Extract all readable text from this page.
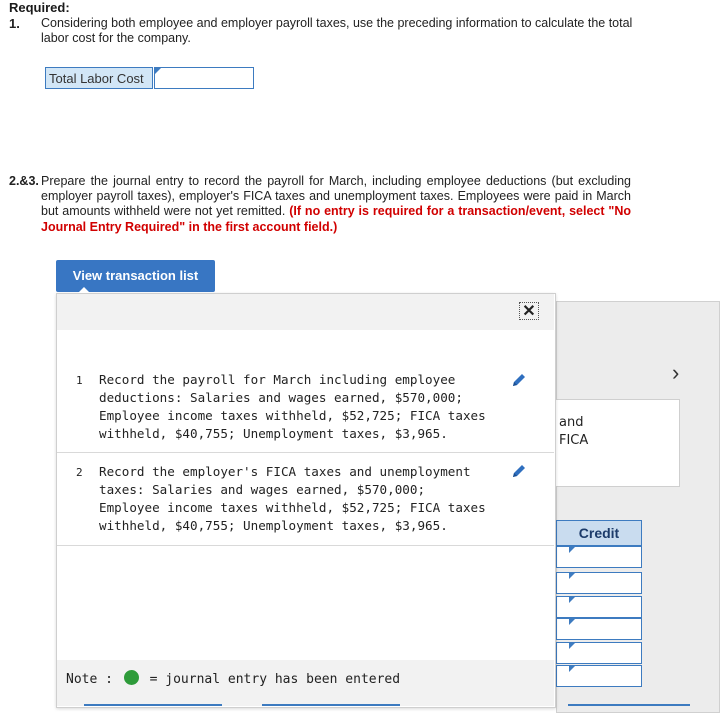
Required:
1. Considering both employee and employer payroll taxes, use the preceding information to calculate the total labor cost for the company.
Total Labor Cost
2.&3. Prepare the journal entry to record the payroll for March, including employee deductions (but excluding employer payroll taxes), employer's FICA taxes and unemployment taxes. Employees were paid in March but amounts withheld were not yet remitted. (If no entry is required for a transaction/event, select "No Journal Entry Required" in the first account field.)
›
and
FICA
Credit
View transaction list
✕
1 Record the payroll for March including employee deductions: Salaries and wages earned, $570,000; Employee income taxes withheld, $52,725; FICA taxes withheld, $40,755; Unemployment taxes, $3,965.
2 Record the employer's FICA taxes and unemployment taxes: Salaries and wages earned, $570,000; Employee income taxes withheld, $52,725; FICA taxes withheld, $40,755; Unemployment taxes, $3,965.
Note :	= journal entry has been entered
